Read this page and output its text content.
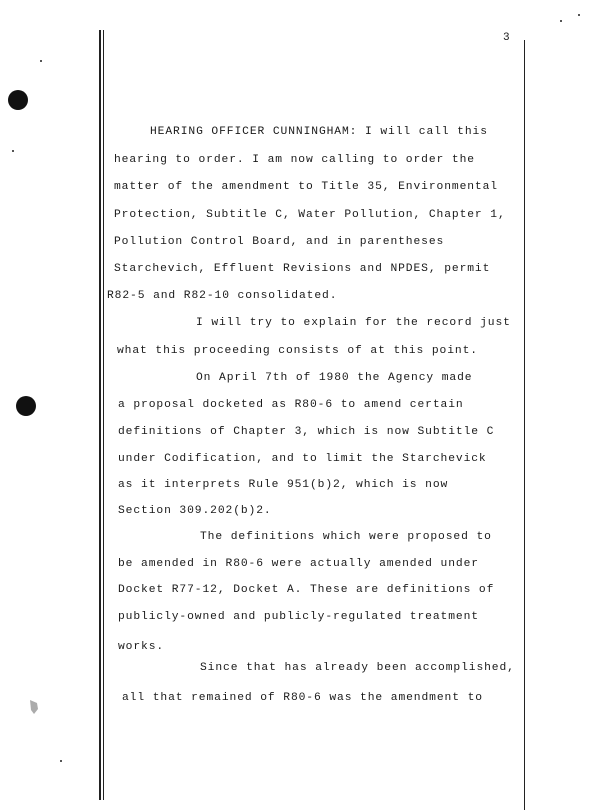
3
HEARING OFFICER CUNNINGHAM: I will call this
hearing to order. I am now calling to order the
matter of the amendment to Title 35, Environmental
Protection, Subtitle C, Water Pollution, Chapter 1,
Pollution Control Board, and in parentheses
Starchevich, Effluent Revisions and NPDES, permit
R82-5 and R82-10 consolidated.
I will try to explain for the record just
what this proceeding consists of at this point.
On April 7th of 1980 the Agency made
a proposal docketed as R80-6 to amend certain
definitions of Chapter 3, which is now Subtitle C
under Codification, and to limit the Starchevick
as it interprets Rule 951(b)2, which is now
Section 309.202(b)2.
The definitions which were proposed to
be amended in R80-6 were actually amended under
Docket R77-12, Docket A. These are definitions of
publicly-owned and publicly-regulated treatment
works.
Since that has already been accomplished,
all that remained of R80-6 was the amendment to
